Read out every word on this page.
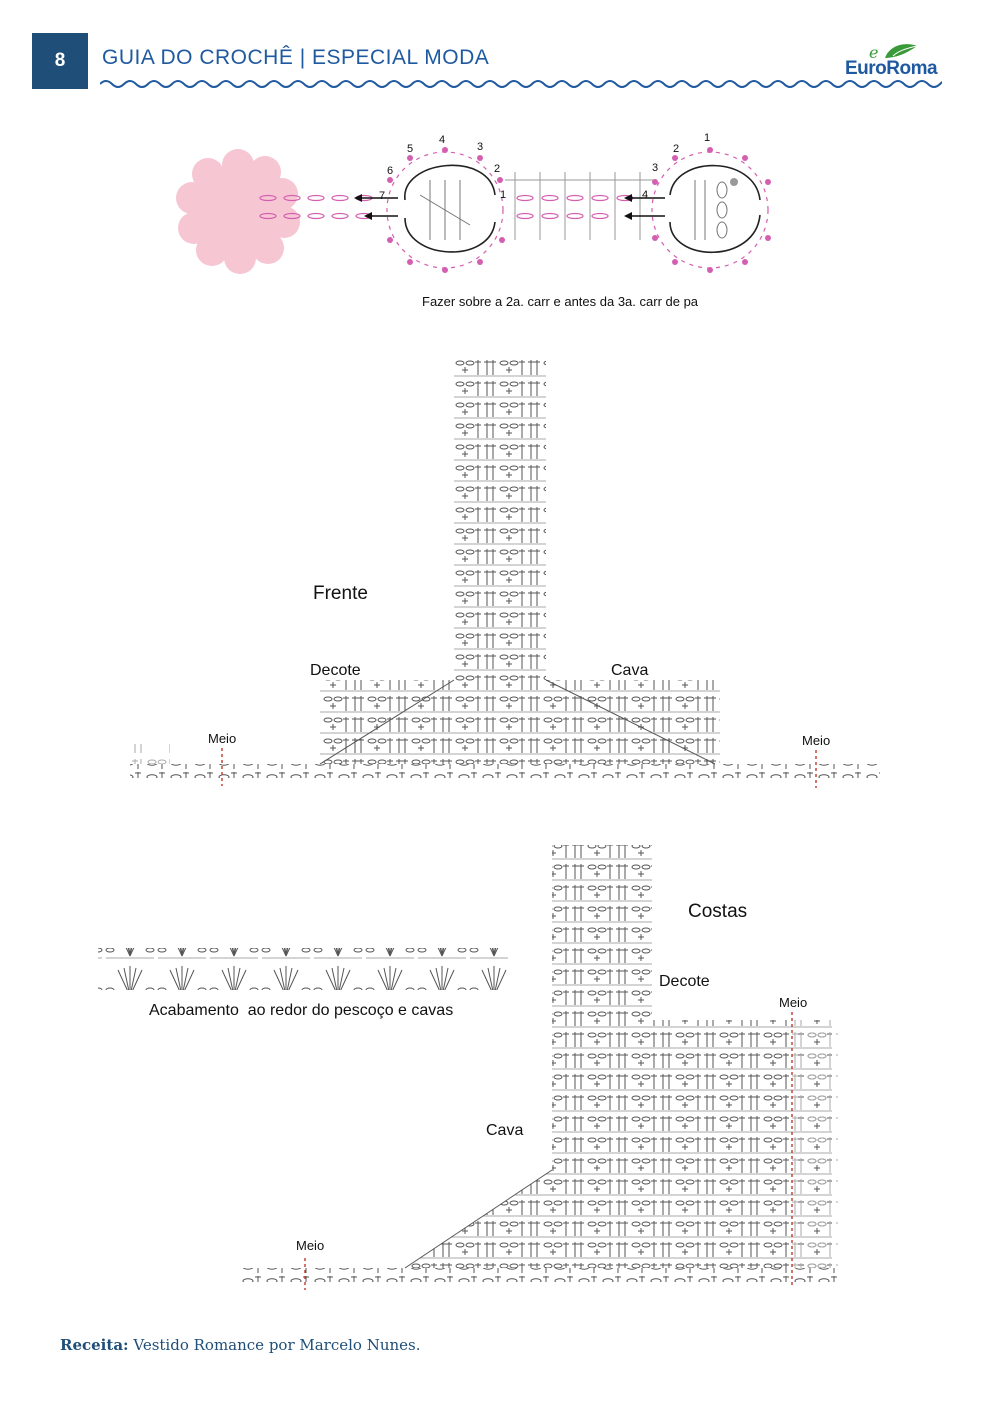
8 GUIA DO CROCHÊ | ESPECIAL MODA	e
EuroRoma
1
2
3
4
5
6
7
1
2
3
4
Fazer sobre a 2a. carr e antes da 3a. carr de pa
Frente
Decote	Cava
Meio	Meio
Costas
Decote
Meio
Cava
Meio
Acabamento  ao redor do pescoço e cavas
Receita: Vestido Romance por Marcelo Nunes.
